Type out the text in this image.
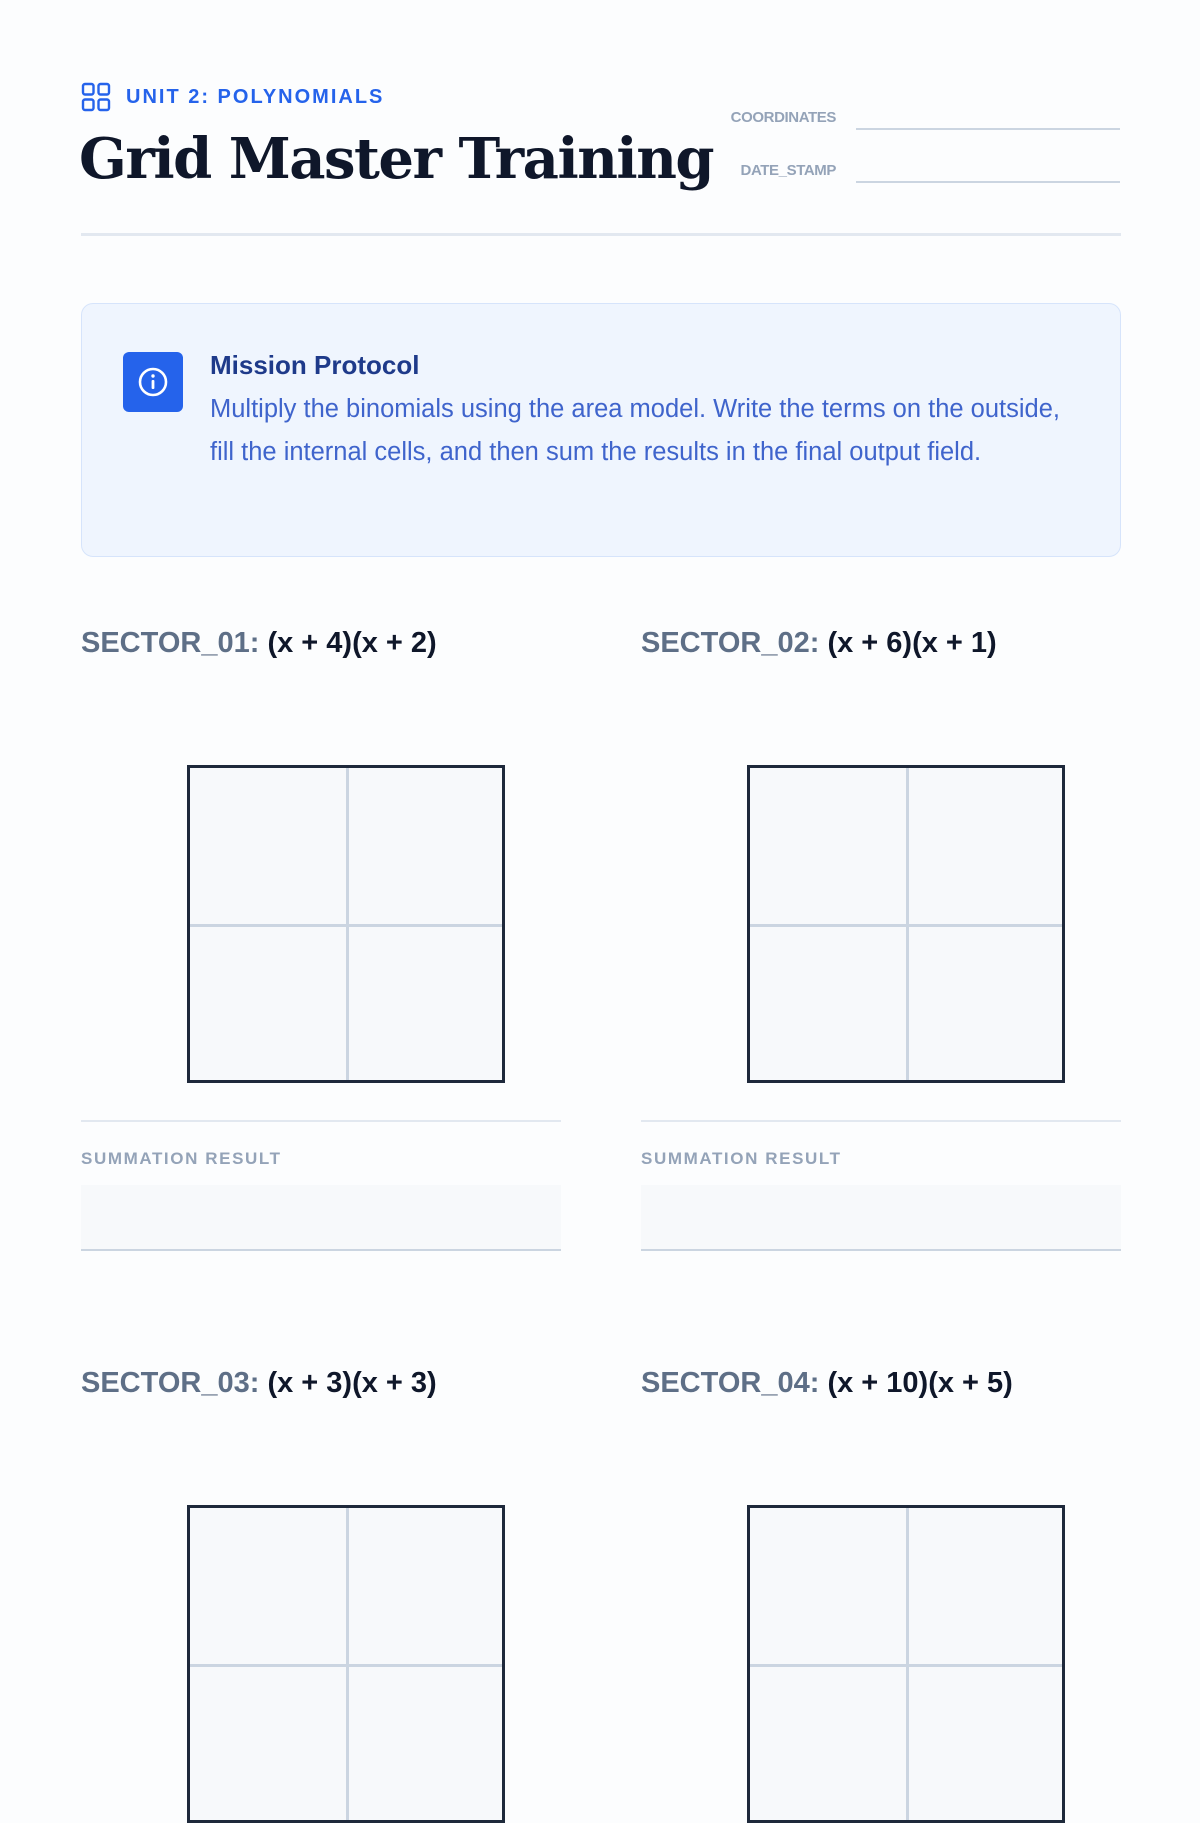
UNIT 2: POLYNOMIALS
Grid Master Training
COORDINATES
DATE_STAMP
Mission Protocol

Multiply the binomials using the area model. Write the terms on the outside, fill the internal cells, and then sum the results in the final output field.

SECTOR_01: (x + 4)(x + 2)
SUMMATION RESULT
SECTOR_02: (x + 6)(x + 1)
SUMMATION RESULT
SECTOR_03: (x + 3)(x + 3)	SECTOR_04: (x + 10)(x + 5)
